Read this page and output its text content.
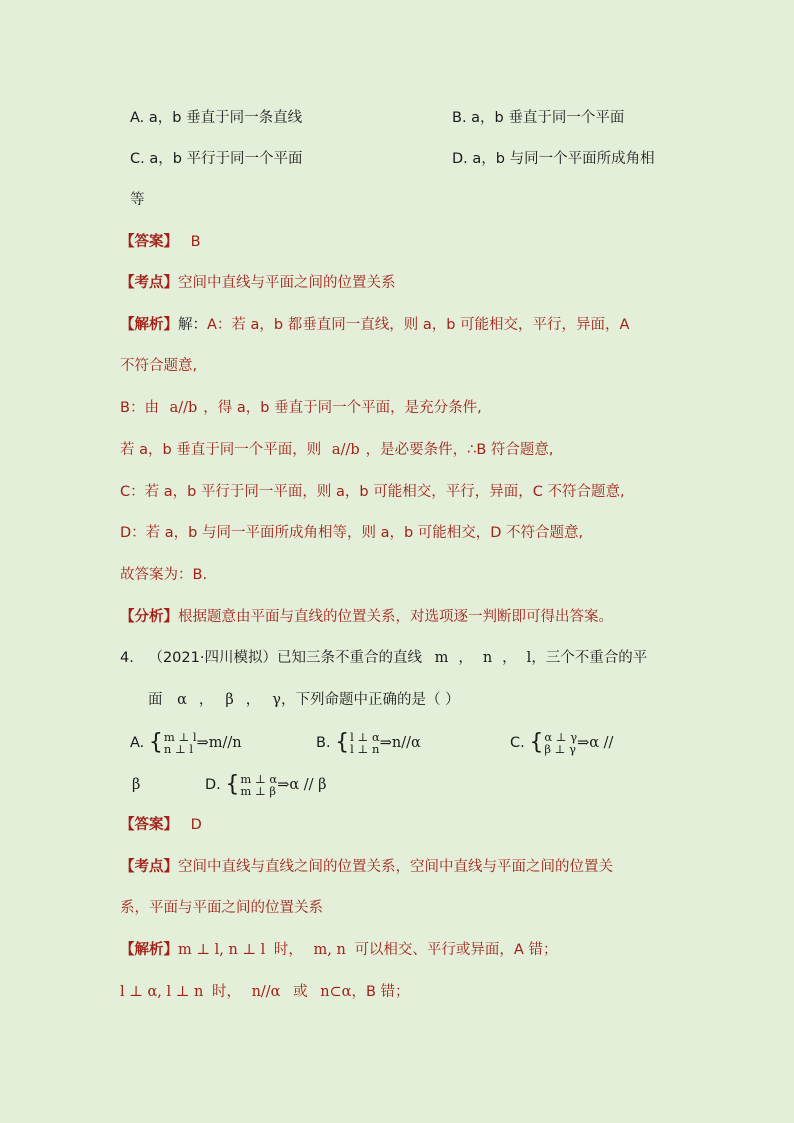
A. a，b 垂直于同一条直线	B. a，b 垂直于同一个平面
C. a，b 平行于同一个平面	D. a，b 与同一个平面所成角相
等
【答案】 B
【考点】空间中直线与平面之间的位置关系
【解析】解：A：若 a，b 都垂直同一直线，则 a，b 可能相交，平行，异面，A
不符合题意,
B：由 a//b ，得 a，b 垂直于同一个平面，是充分条件,
若 a，b 垂直于同一个平面，则 a//b ，是必要条件，∴B 符合题意,
C：若 a，b 平行于同一平面，则 a，b 可能相交，平行，异面，C 不符合题意,
D：若 a，b 与同一平面所成角相等，则 a，b 可能相交，D 不符合题意,
故答案为：B.
【分析】根据题意由平面与直线的位置关系，对选项逐一判断即可得出答案。
4. （2021·四川模拟）已知三条不重合的直线 m ， n ， l，三个不重合的平
面 α ， β ， γ，下列命题中正确的是（ ）
A. { m ⊥ l
n ⊥ l ⇒m//n	B. { l ⊥ α
l ⊥ n ⇒n//α	C. { α ⊥ γ
β ⊥ γ ⇒α //
β	D. { m ⊥ α
m ⊥ β ⇒α // β
【答案】 D
【考点】空间中直线与直线之间的位置关系，空间中直线与平面之间的位置关
系，平面与平面之间的位置关系
【解析】m ⊥ l, n ⊥ l 时， m, n 可以相交、平行或异面，A 错；
l ⊥ α, l ⊥ n 时， n//α 或 n⊂α，B 错；
